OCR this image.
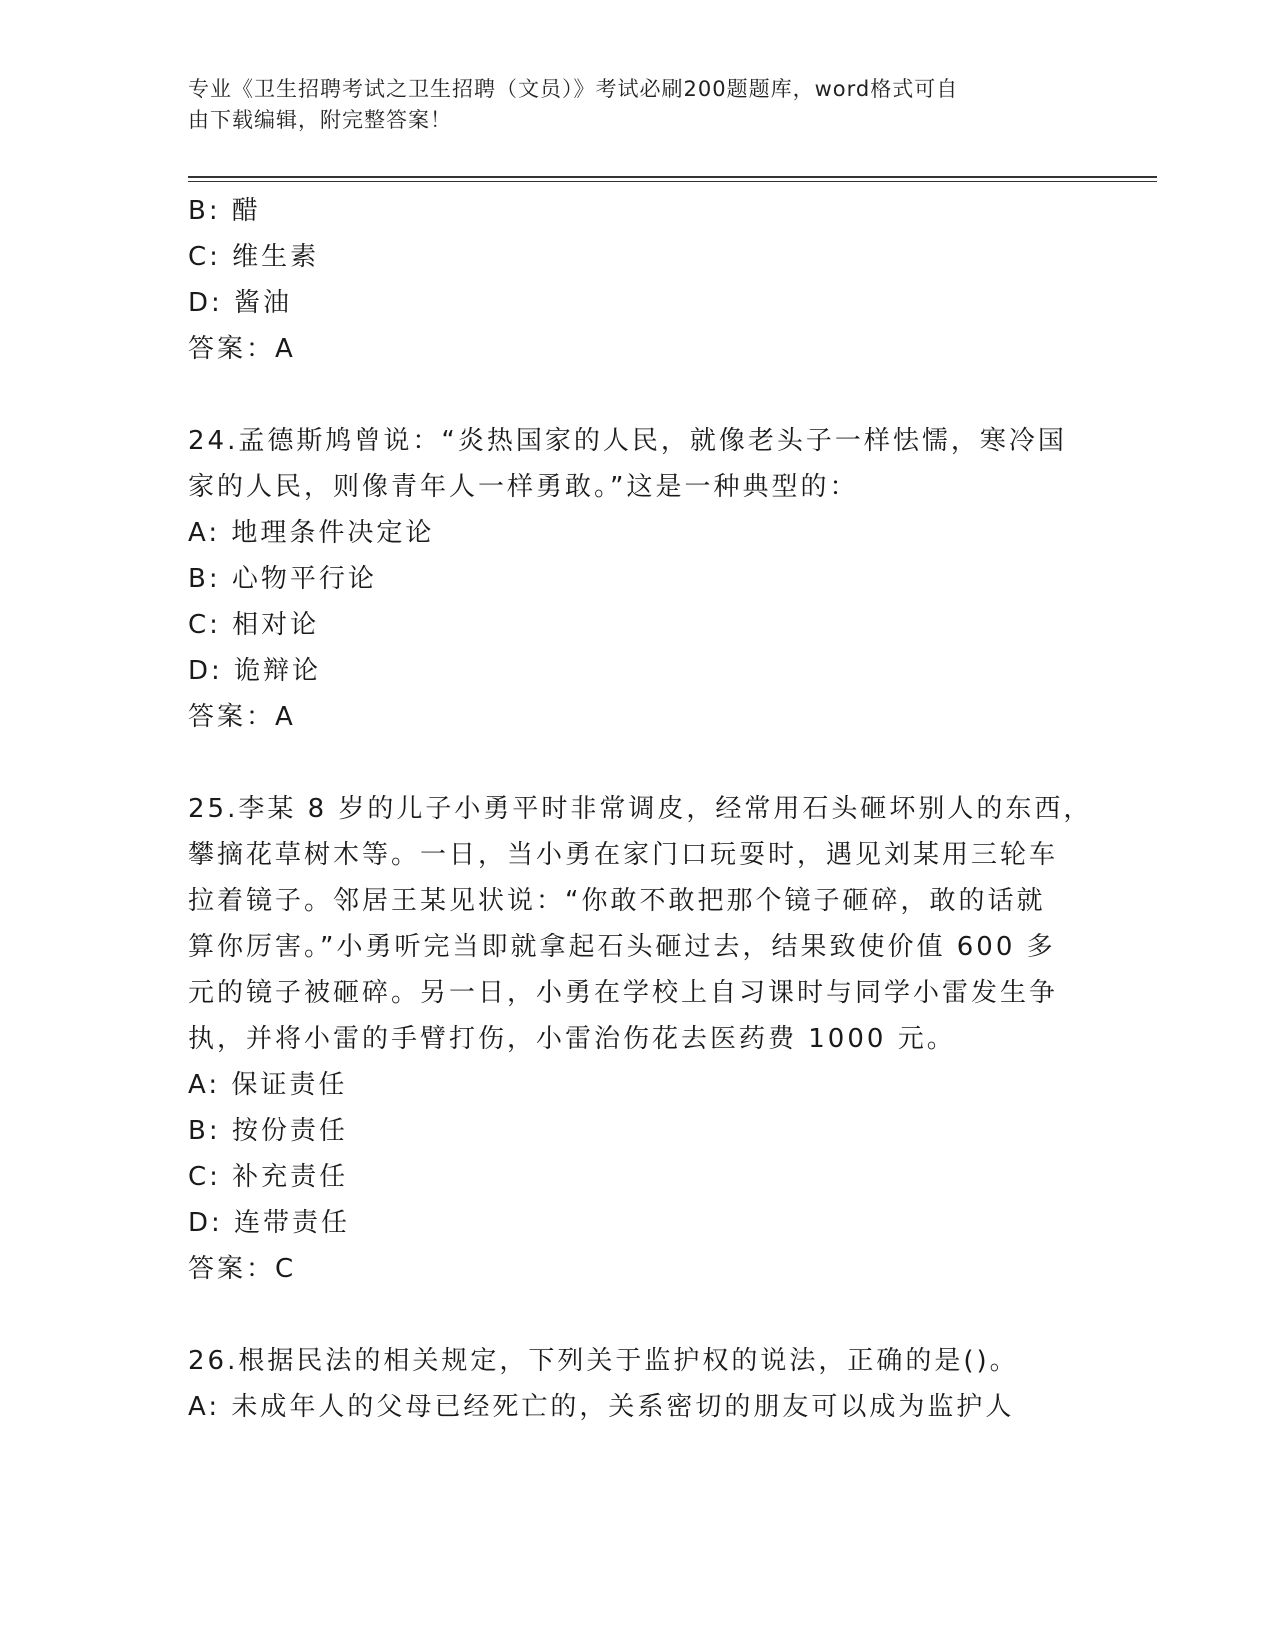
专业《卫生招聘考试之卫生招聘（文员）》考试必刷200题题库，word格式可自
由下载编辑，附完整答案！
B: 醋
C: 维生素
D: 酱油
答案：A
24.孟德斯鸠曾说：“炎热国家的人民，就像老头子一样怯懦，寒冷国
家的人民，则像青年人一样勇敢。”这是一种典型的：
A: 地理条件决定论
B: 心物平行论
C: 相对论
D: 诡辩论
答案：A
25.李某 8 岁的儿子小勇平时非常调皮，经常用石头砸坏别人的东西，
攀摘花草树木等。一日，当小勇在家门口玩耍时，遇见刘某用三轮车
拉着镜子。邻居王某见状说：“你敢不敢把那个镜子砸碎，敢的话就
算你厉害。”小勇听完当即就拿起石头砸过去，结果致使价值 600 多
元的镜子被砸碎。另一日，小勇在学校上自习课时与同学小雷发生争
执，并将小雷的手臂打伤，小雷治伤花去医药费 1000 元。
A: 保证责任
B: 按份责任
C: 补充责任
D: 连带责任
答案：C
26.根据民法的相关规定，下列关于监护权的说法，正确的是()。
A: 未成年人的父母已经死亡的，关系密切的朋友可以成为监护人
